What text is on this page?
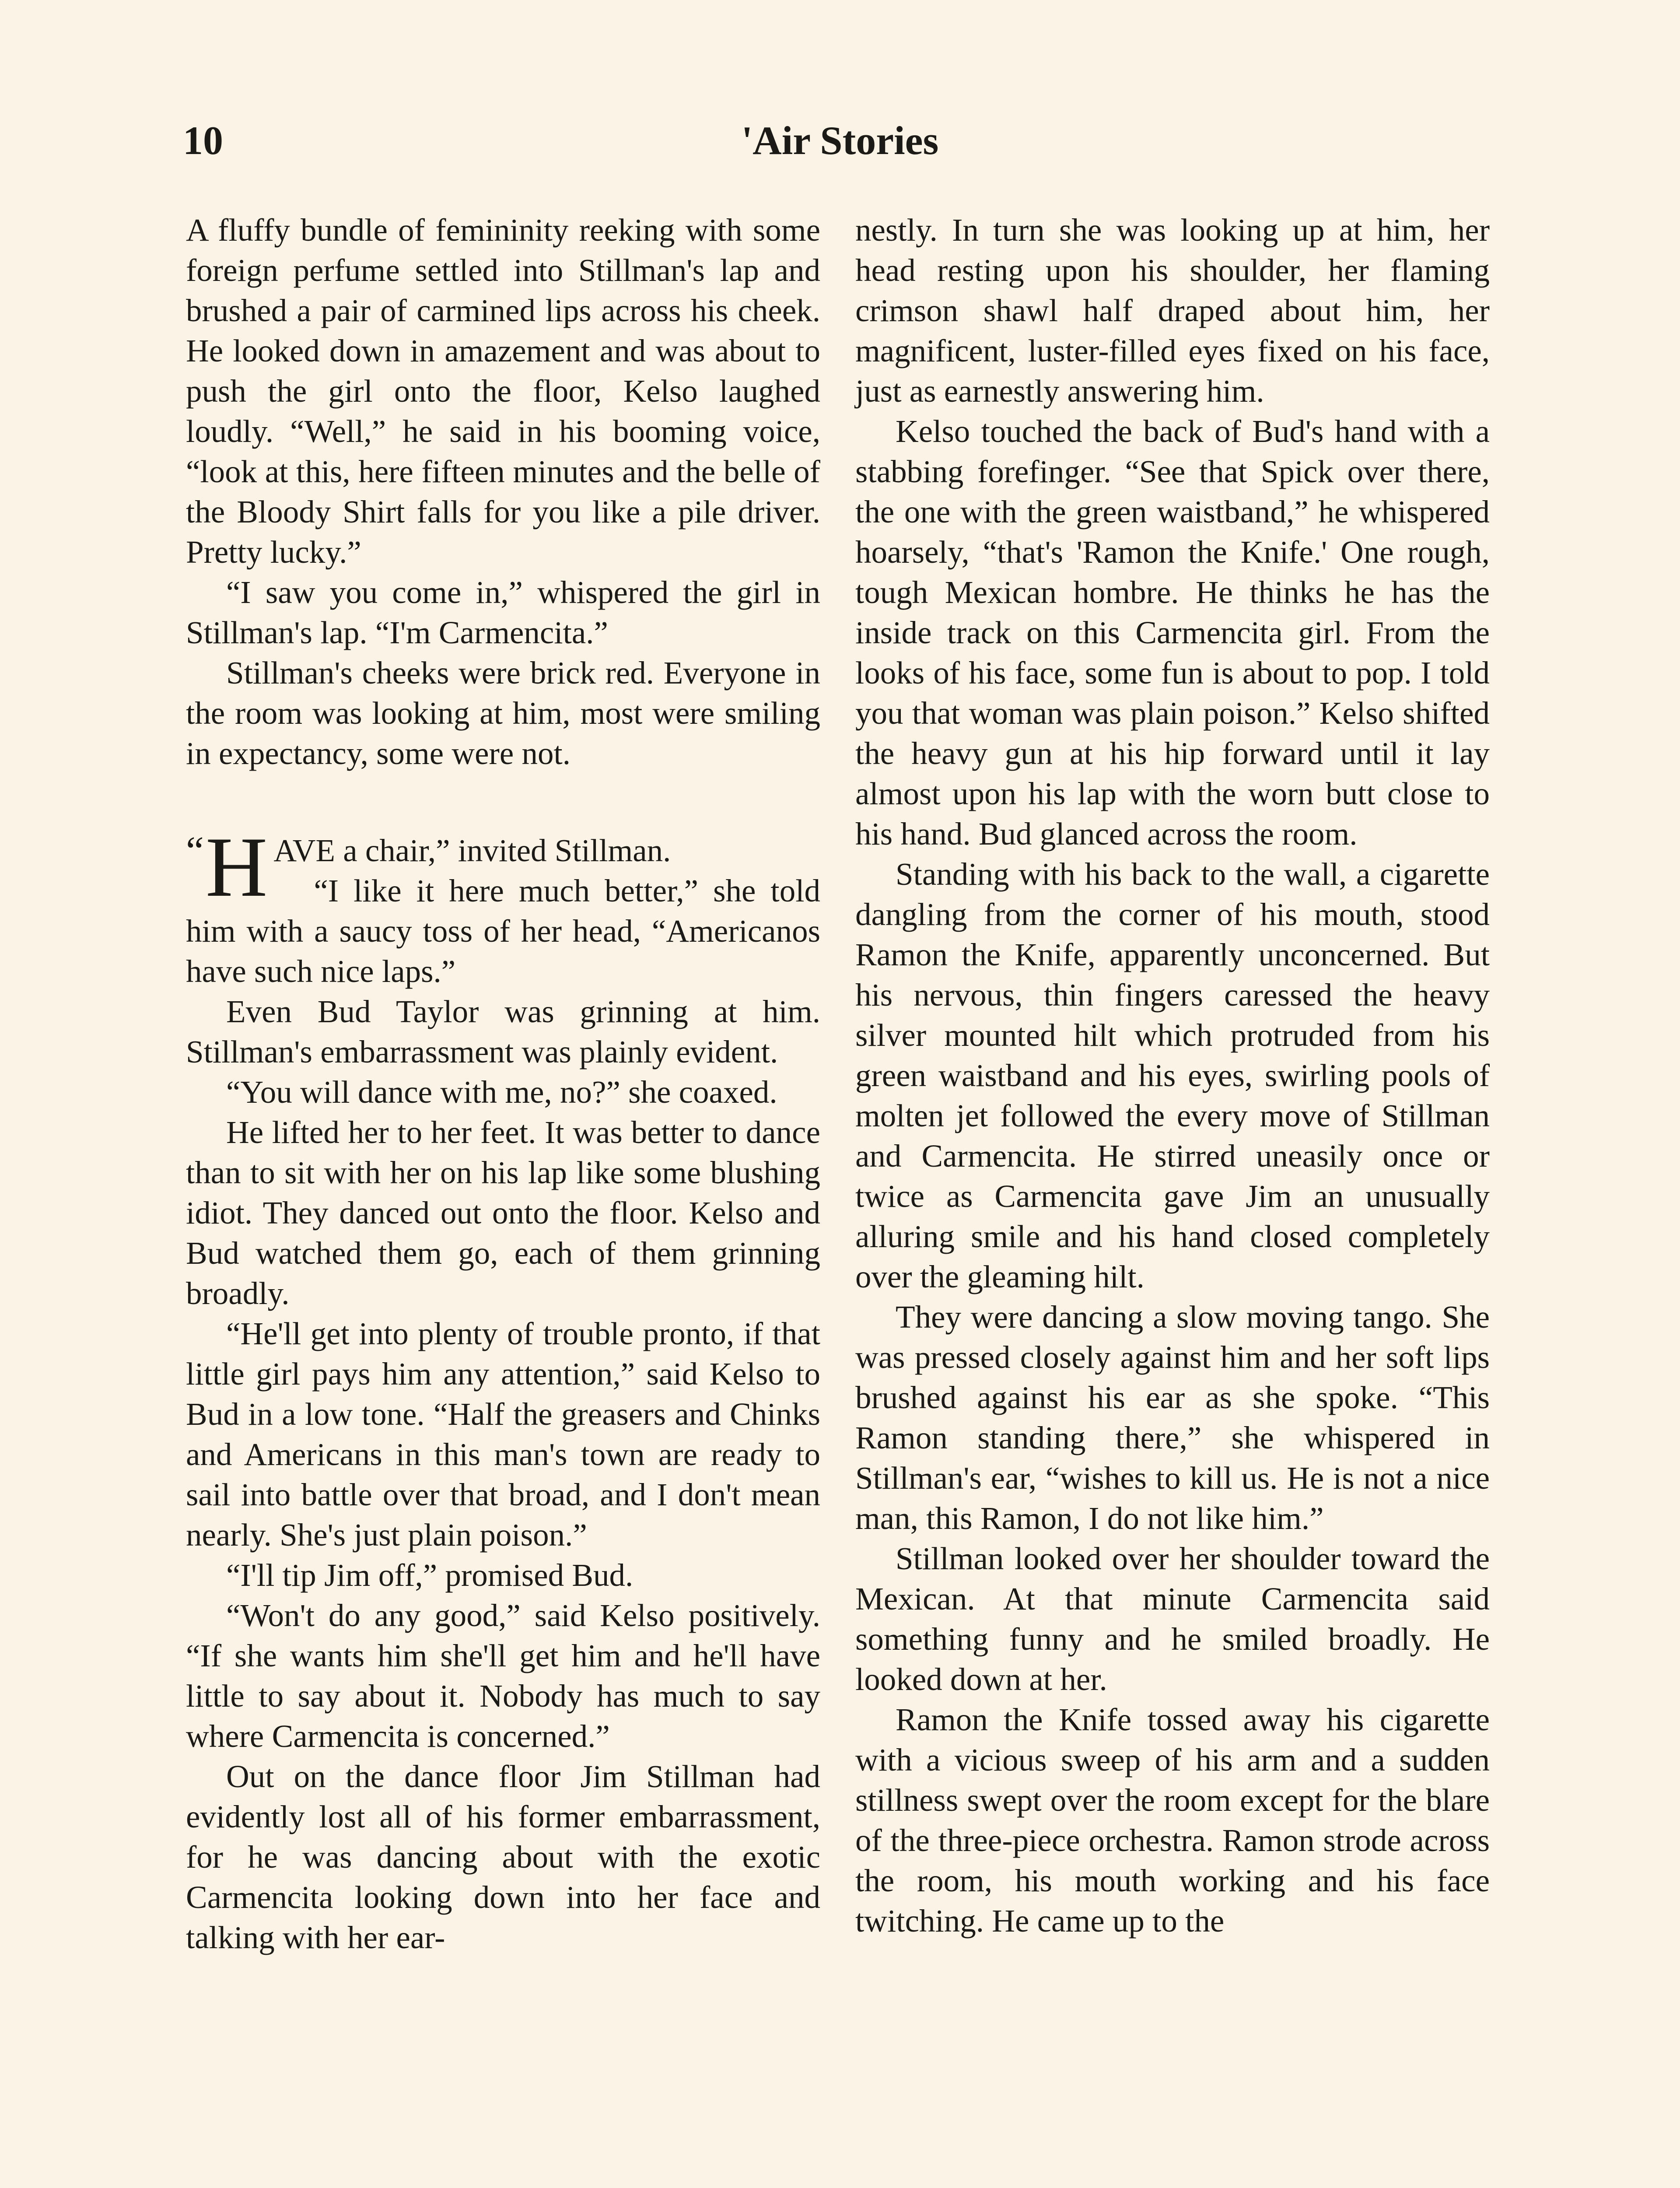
10	'Air Stories

A fluffy bundle of femininity reeking with some foreign perfume settled into Stillman's lap and brushed a pair of carmined lips across his cheek. He looked down in amazement and was about to push the girl onto the floor, Kelso laughed loudly. “Well,” he said in his booming voice, “look at this, here fifteen minutes and the belle of the Bloody Shirt falls for you like a pile driver. Pretty lucky.”

“I saw you come in,” whispered the girl in Stillman's lap. “I'm Carmencita.”

Stillman's cheeks were brick red. Everyone in the room was looking at him, most were smiling in expectancy, some were not.

“ H AVE a chair,” invited Stillman.

“I like it here much better,” she told him with a saucy toss of her head, “Americanos have such nice laps.”

Even Bud Taylor was grinning at him. Stillman's embarrassment was plainly evident.

“You will dance with me, no?” she coaxed.

He lifted her to her feet. It was better to dance than to sit with her on his lap like some blushing idiot. They danced out onto the floor. Kelso and Bud watched them go, each of them grinning broadly.

“He'll get into plenty of trouble pronto, if that little girl pays him any attention,” said Kelso to Bud in a low tone. “Half the greasers and Chinks and Americans in this man's town are ready to sail into battle over that broad, and I don't mean nearly. She's just plain poison.”

“I'll tip Jim off,” promised Bud.

“Won't do any good,” said Kelso positively. “If she wants him she'll get him and he'll have little to say about it. Nobody has much to say where Carmencita is concerned.”

Out on the dance floor Jim Stillman had evidently lost all of his former embarrassment, for he was dancing about with the exotic Carmencita looking down into her face and talking with her ear-

nestly. In turn she was looking up at him, her head resting upon his shoulder, her flaming crimson shawl half draped about him, her magnificent, luster-filled eyes fixed on his face, just as earnestly answering him.

Kelso touched the back of Bud's hand with a stabbing forefinger. “See that Spick over there, the one with the green waistband,” he whispered hoarsely, “that's 'Ramon the Knife.' One rough, tough Mexican hombre. He thinks he has the inside track on this Carmencita girl. From the looks of his face, some fun is about to pop. I told you that woman was plain poison.” Kelso shifted the heavy gun at his hip forward until it lay almost upon his lap with the worn butt close to his hand. Bud glanced across the room.

Standing with his back to the wall, a cigarette dangling from the corner of his mouth, stood Ramon the Knife, apparently unconcerned. But his nervous, thin fingers caressed the heavy silver mounted hilt which protruded from his green waistband and his eyes, swirling pools of molten jet followed the every move of Stillman and Carmencita. He stirred uneasily once or twice as Carmencita gave Jim an unusually alluring smile and his hand closed completely over the gleaming hilt.

They were dancing a slow moving tango. She was pressed closely against him and her soft lips brushed against his ear as she spoke. “This Ramon standing there,” she whispered in Stillman's ear, “wishes to kill us. He is not a nice man, this Ramon, I do not like him.”

Stillman looked over her shoulder toward the Mexican. At that minute Carmencita said something funny and he smiled broadly. He looked down at her.

Ramon the Knife tossed away his cigarette with a vicious sweep of his arm and a sudden stillness swept over the room except for the blare of the three-piece orchestra. Ramon strode across the room, his mouth working and his face twitching. He came up to the
